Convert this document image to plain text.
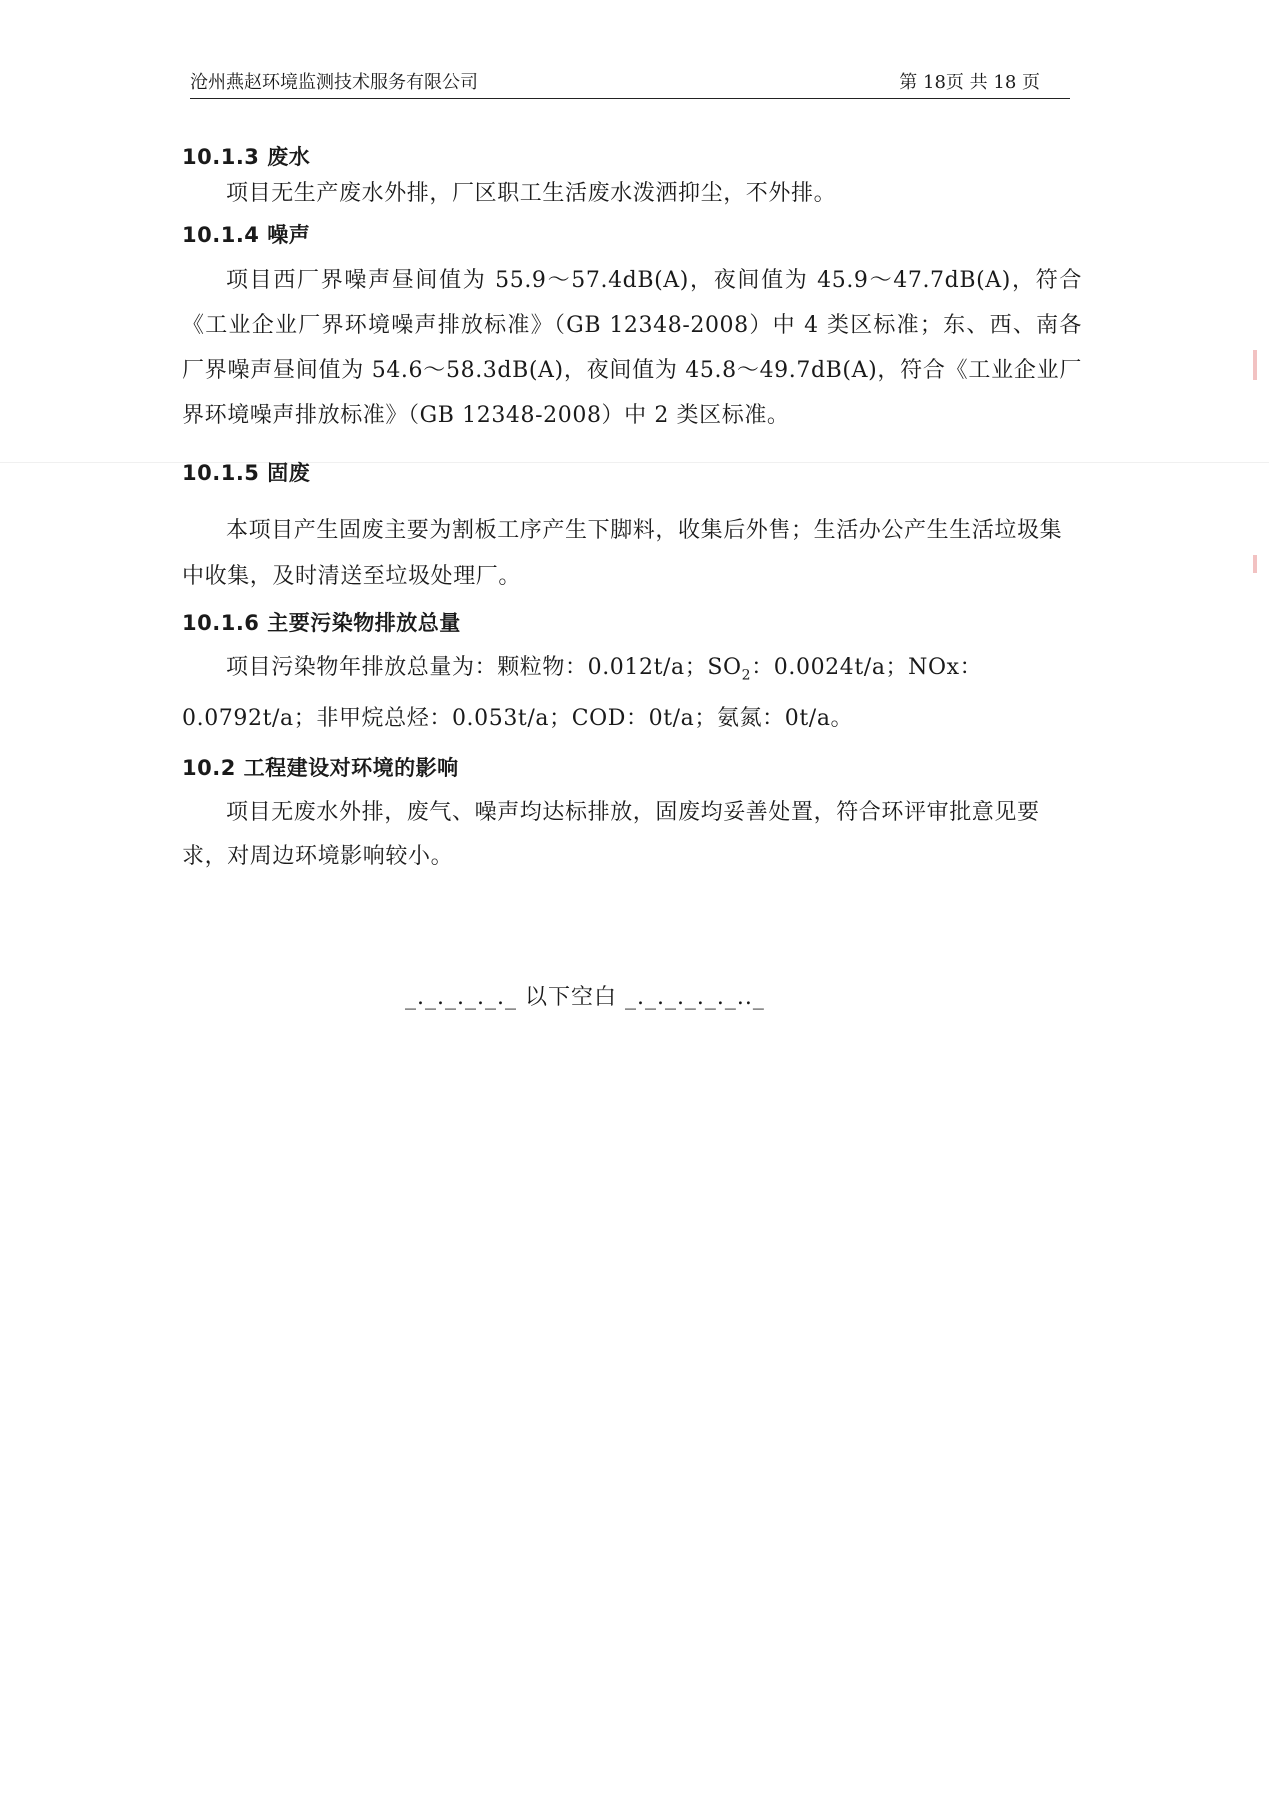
沧州燕赵环境监测技术服务有限公司	第 18页 共 18 页
10.1.3 废水

项目无生产废水外排，厂区职工生活废水泼洒抑尘，不外排。

10.1.4 噪声

项目西厂界噪声昼间值为 55.9～57.4dB(A)，夜间值为 45.9～47.7dB(A)，符合《工业企业厂界环境噪声排放标准》（GB 12348-2008）中 4 类区标准；东、西、南各厂界噪声昼间值为 54.6～58.3dB(A)，夜间值为 45.8～49.7dB(A)，符合《工业企业厂界环境噪声排放标准》（GB 12348-2008）中 2 类区标准。

10.1.5 固废

本项目产生固废主要为割板工序产生下脚料，收集后外售；生活办公产生生活垃圾集中收集，及时清送至垃圾处理厂。

10.1.6 主要污染物排放总量

项目污染物年排放总量为：颗粒物：0.012t/a；$SO_2$：0.0024t/a；NOx：0.0792t/a；非甲烷总烃：0.053t/a；COD：0t/a；氨氮：0t/a。

10.2 工程建设对环境的影响

项目无废水外排，废气、噪声均达标排放，固废均妥善处置，符合环评审批意见要求，对周边环境影响较小。

_._._._._._ 以下空白 _._._._._._.._
